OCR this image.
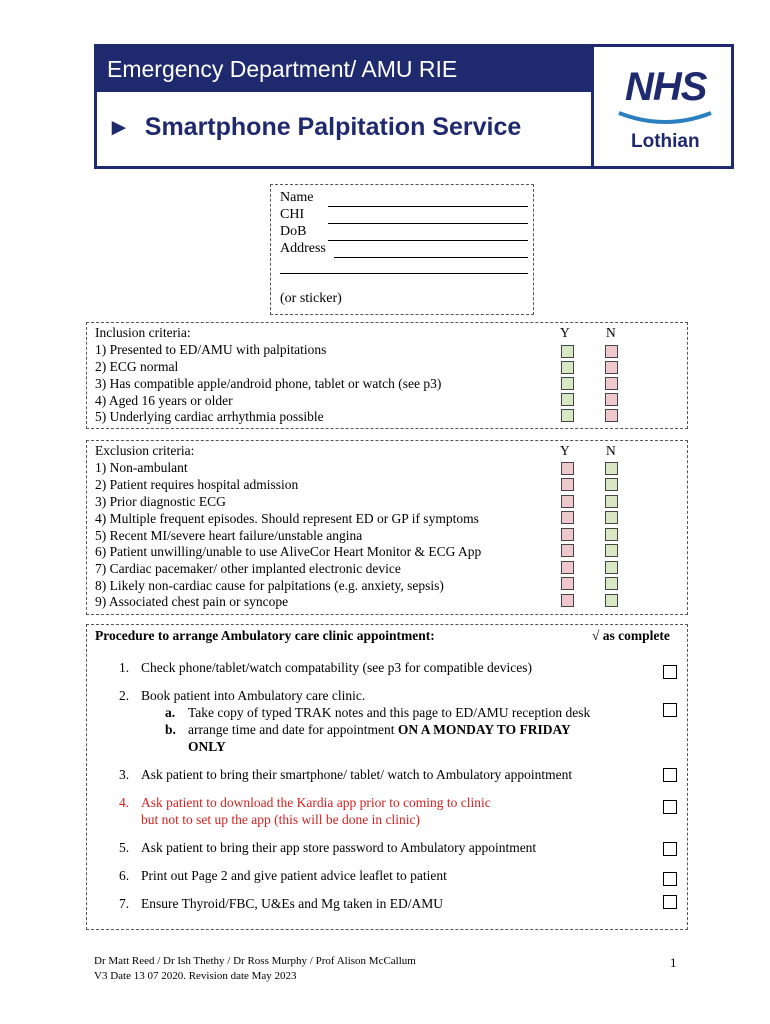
Emergency Department/ AMU RIE
► Smartphone Palpitation Service
NHS
Lothian
Name
CHI
DoB
Address
(or sticker)
Inclusion criteria:	Y	N
1) Presented to ED/AMU with palpitations
2) ECG normal
3) Has compatible apple/android phone, tablet or watch (see p3)
4) Aged 16 years or older
5) Underlying cardiac arrhythmia possible
Exclusion criteria:	Y	N
1) Non-ambulant
2) Patient requires hospital admission
3) Prior diagnostic ECG
4) Multiple frequent episodes. Should represent ED or GP if symptoms
5) Recent MI/severe heart failure/unstable angina
6) Patient unwilling/unable to use AliveCor Heart Monitor & ECG App
7) Cardiac pacemaker/ other implanted electronic device
8) Likely non-cardiac cause for palpitations (e.g. anxiety, sepsis)
9) Associated chest pain or syncope
Procedure to arrange Ambulatory care clinic appointment:	√ as complete
1. Check phone/tablet/watch compatability (see p3 for compatible devices)
2. Book patient into Ambulatory care clinic.
a. Take copy of typed TRAK notes and this page to ED/AMU reception desk
b. arrange time and date for appointment ON A MONDAY TO FRIDAY
ONLY
3. Ask patient to bring their smartphone/ tablet/ watch to Ambulatory appointment
4. Ask patient to download the Kardia app prior to coming to clinic
but not to set up the app (this will be done in clinic)
5. Ask patient to bring their app store password to Ambulatory appointment
6. Print out Page 2 and give patient advice leaflet to patient
7. Ensure Thyroid/FBC, U&Es and Mg taken in ED/AMU
Dr Matt Reed / Dr Ish Thethy / Dr Ross Murphy / Prof Alison McCallum
V3 Date 13 07 2020. Revision date May 2023
1
